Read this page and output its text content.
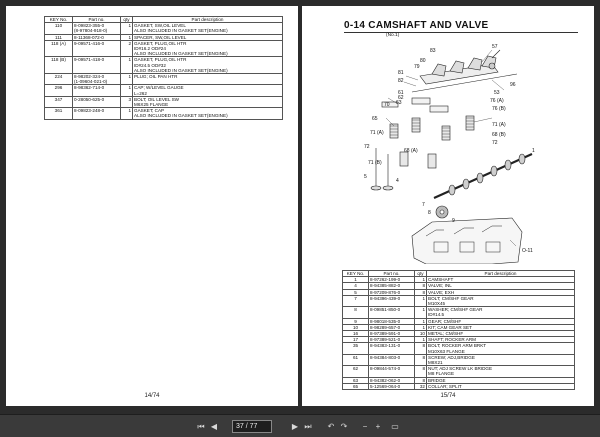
KEY No.	Part no.	qty	Part description
110	8-09823-355-0	1	GASKET, SW,OIL LEVEL
	(8-97804-918-0)		ALSO INCLUDED IN GASKET SET(ENGINE)
111	8-11368-072-0	1	SPACER, SW,OIL LEVEL
118 (A)	9-09571-416-0	2	GASKET, PLUG,OIL HTR
			ID#16.2 OD#24
			ALSO INCLUDED IN GASKET SET(ENGINE)
118 (B)	9-09571-418-0	1	GASKET, PLUG,OIL HTR
			ID#24.5 OD#32
			ALSO INCLUDED IN GASKET SET(ENGINE)
224	8-98202-324-0	1	PLUG; OIL PAN HTR
	(1-09604-021-0)		
296	8-98362-714-0	1	CAP; W/LEVEL GAUGE
			L=262
347	0-28050-625-0	3	BOLT; OIL LEVEL SW
			M6X25 FLANGE
361	8-09823-248-0	1	GASKET; CAP
			ALSO INCLUDED IN GASKET SET(ENGINE)
14/74
0-14 CAMSHAFT AND VALVE
(No.1)
57
81
82
83
80
79
96
53
76 (A)
76 (B)
65
63
61
62
70
71 (A)
71 (A)
71 (B)
68 (A)
68 (B)
72
72
5
4
1
7
8
9
O-11
KEY No.	Part no.	qty	Part description
1	8-97262-199-0	1	CAMSHAFT
4	8-94385-882-0	8	VALVE; INL
5	8-97209-876-0	8	VALVE; EXH
7	8-94396-439-0	1	BOLT; CM/SHF GEAR
			M10X45
8	8-09851-850-0	1	WASHER; CM/SHF GEAR
			ID#14.5
9	8-98018-535-0	1	GEAR; CM/SHF
10	8-98289-657-0	1	KIT; CAM GEAR SET
16	8-97389-591-0	10	METAL; CM/SHF
17	8-97389-521-0	1	SHAFT; ROCKER ARM
35	8-94383-131-0	8	BOLT; ROCKER ARM BRKT
			M10X63 FLANGE
61	8-94384-803-0	8	SCREW; ADJ,BRIDGE
			M8X21
62	8-09844-574-0	8	NUT; ADJ SCREW LK BRIDGE
			M8 FLANGE
63	8-94382-062-0	8	BRIDGE
65	5-12569-064-0	32	COLLAR; SPLIT
15/74
⏮ ◀	37 / 77	▶ ⏭ ↶ ↷	−	+	▭
